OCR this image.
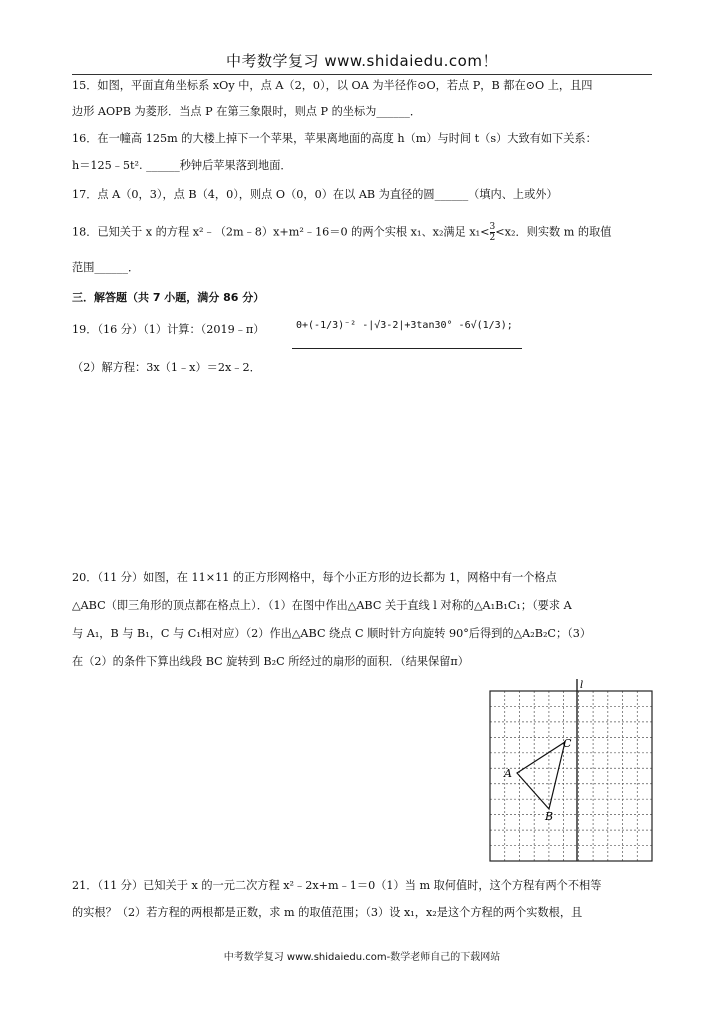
中考数学复习 www.shidaiedu.com！
15．如图，平面直角坐标系 xOy 中，点 A（2，0），以 OA 为半径作⊙O，若点 P，B 都在⊙O 上，且四
边形 AOPB 为菱形．当点 P 在第三象限时，则点 P 的坐标为______．
16．在一幢高 125m 的大楼上掉下一个苹果，苹果离地面的高度 h（m）与时间 t（s）大致有如下关系：
h＝125﹣5t². ______秒钟后苹果落到地面．
17．点 A（0，3），点 B（4，0），则点 O（0，0）在以 AB 为直径的圆______（填内、上或外）
18．已知关于 x 的方程 x²﹣（2m﹣8）x+m²﹣16＝0 的两个实根 x₁、x₂满足 $x_1< \frac{3}{2} <x_2$．则实数 m 的取值
范围______．
三．解答题（共 7 小题，满分 86 分）
19．（16 分）（1）计算：（2019﹣π）	0+(-1/3)⁻² -|√3-2|+3tan30° -6√(1/3);
（2）解方程：3x（1﹣x）＝2x﹣2．
20．（11 分）如图，在 11×11 的正方形网格中，每个小正方形的边长都为 1，网格中有一个格点
△ABC（即三角形的顶点都在格点上）．（1）在图中作出△ABC 关于直线 l 对称的△A₁B₁C₁；（要求 A
与 A₁，B 与 B₁，C 与 C₁相对应）（2）作出△ABC 绕点 C 顺时针方向旋转 90°后得到的△A₂B₂C；（3）
在（2）的条件下算出线段 BC 旋转到 B₂C 所经过的扇形的面积．（结果保留π）
l
A
B
C
21．（11 分）已知关于 x 的一元二次方程 x²﹣2x+m﹣1＝0（1）当 m 取何值时，这个方程有两个不相等
的实根？（2）若方程的两根都是正数，求 m 的取值范围；（3）设 x₁，x₂是这个方程的两个实数根，且
中考数学复习 www.shidaiedu.com-数学老师自己的下载网站
